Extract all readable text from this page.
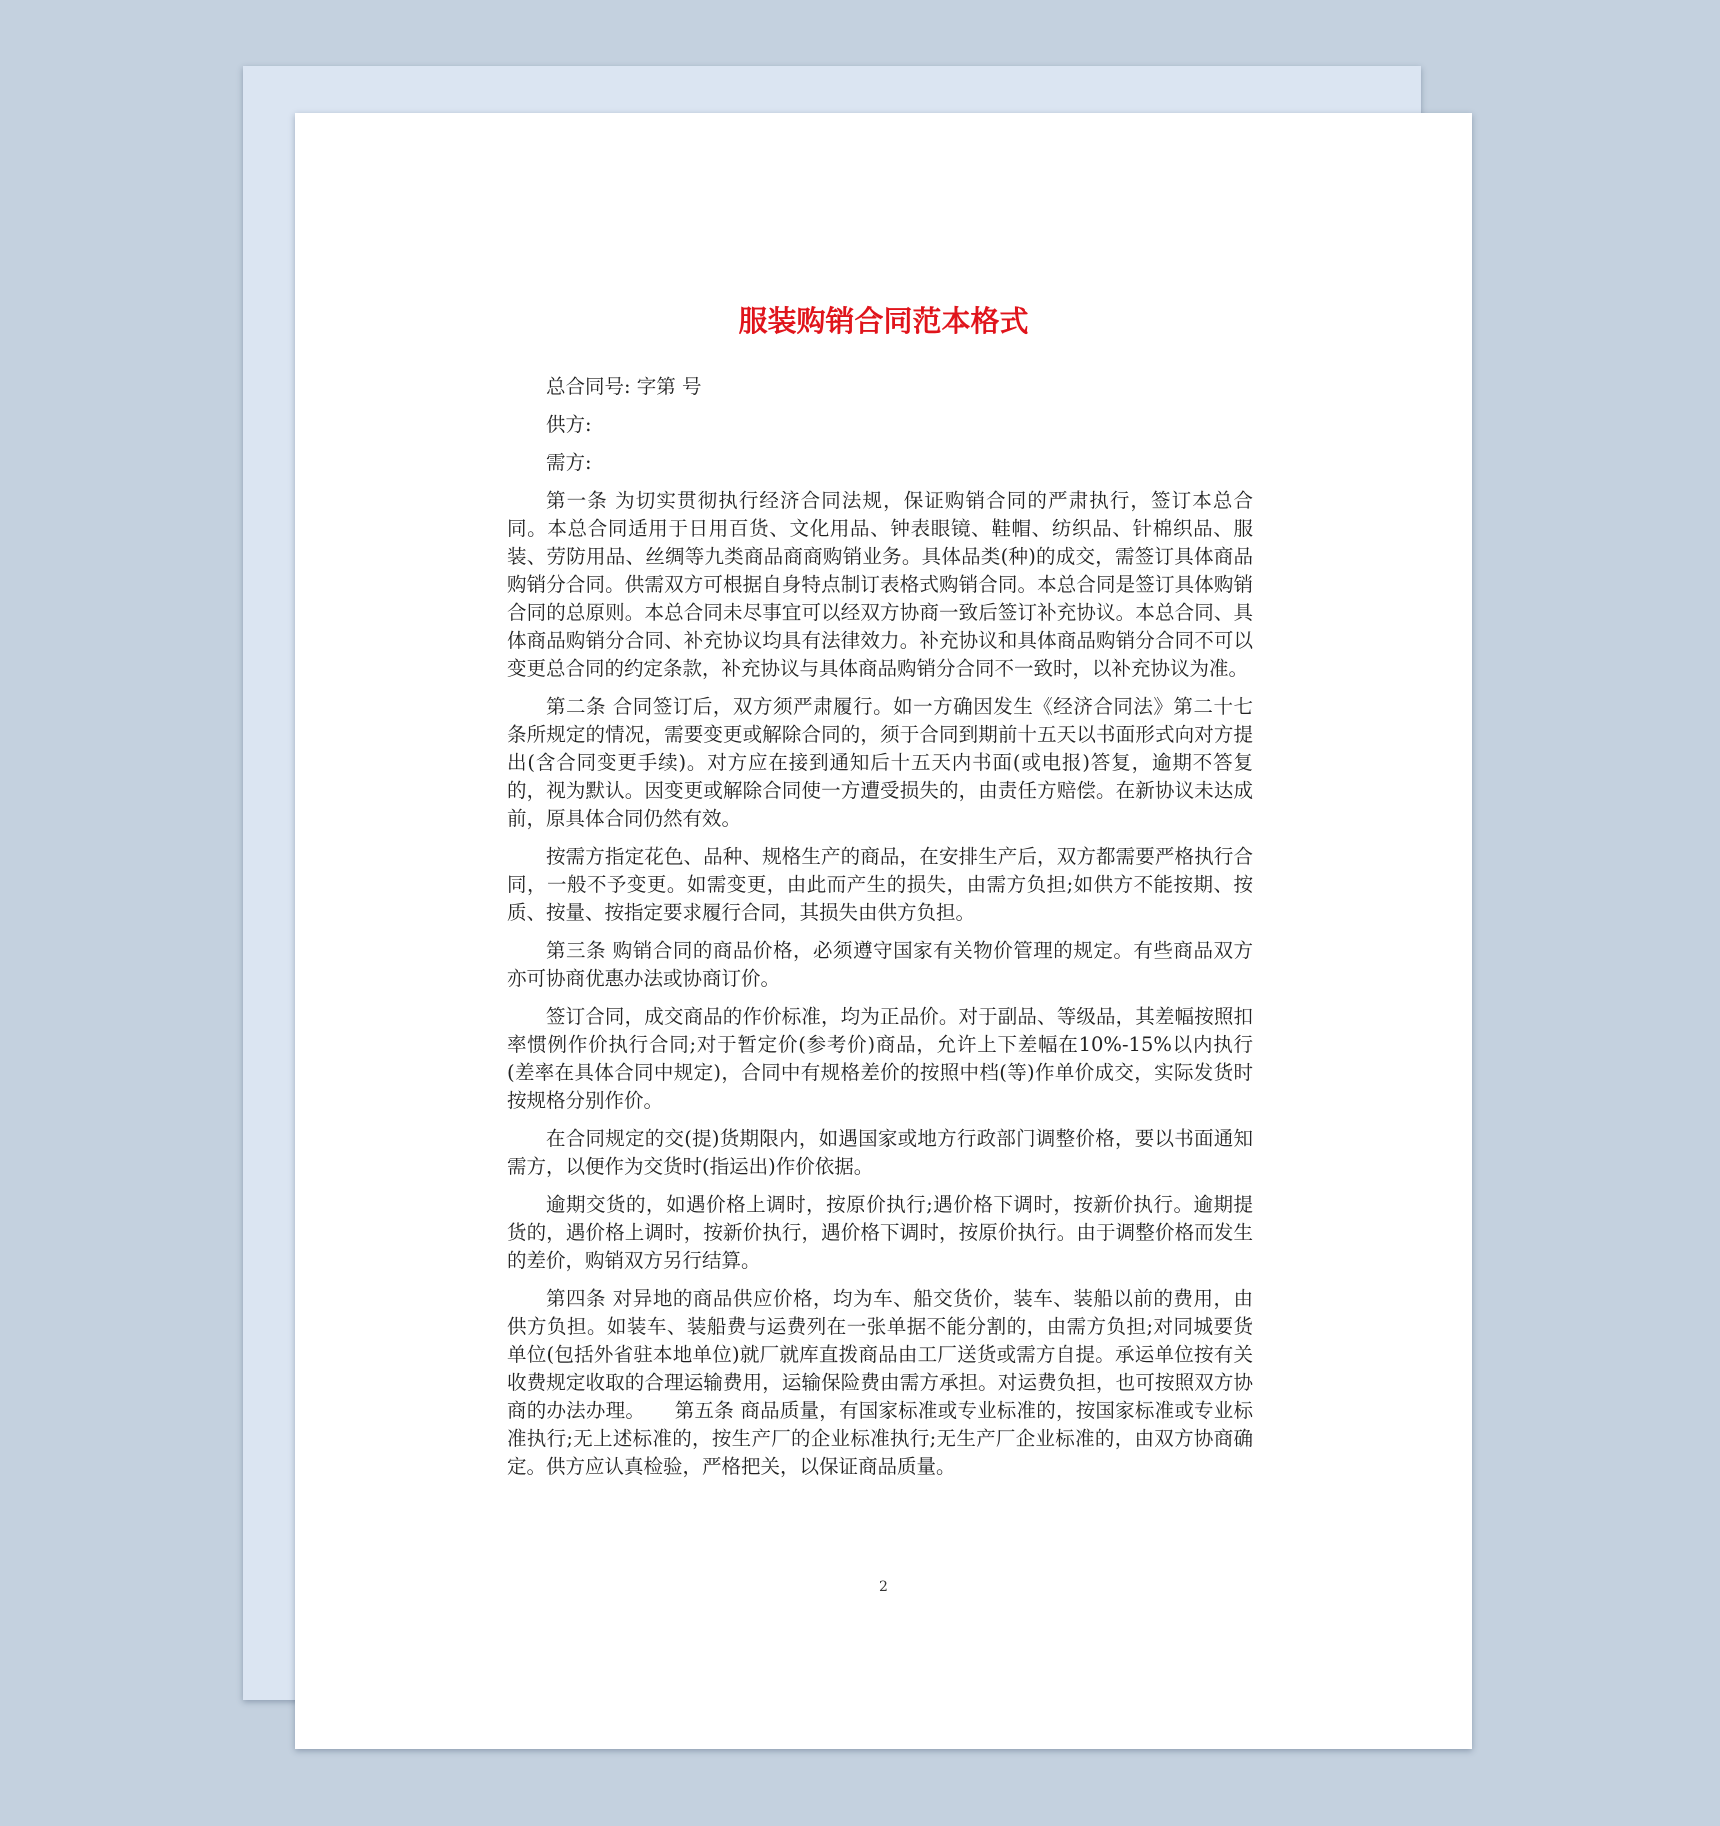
服装购销合同范本格式

总合同号: 字第 号

供方:

需方:

第一条 为切实贯彻执行经济合同法规，保证购销合同的严肃执行，签订本总合同。本总合同适用于日用百货、文化用品、钟表眼镜、鞋帽、纺织品、针棉织品、服装、劳防用品、丝绸等九类商品商商购销业务。具体品类(种)的成交，需签订具体商品购销分合同。供需双方可根据自身特点制订表格式购销合同。本总合同是签订具体购销合同的总原则。本总合同未尽事宜可以经双方协商一致后签订补充协议。本总合同、具体商品购销分合同、补充协议均具有法律效力。补充协议和具体商品购销分合同不可以变更总合同的约定条款，补充协议与具体商品购销分合同不一致时，以补充协议为准。

第二条 合同签订后，双方须严肃履行。如一方确因发生《经济合同法》第二十七条所规定的情况，需要变更或解除合同的，须于合同到期前十五天以书面形式向对方提出(含合同变更手续)。对方应在接到通知后十五天内书面(或电报)答复，逾期不答复的，视为默认。因变更或解除合同使一方遭受损失的，由责任方赔偿。在新协议未达成前，原具体合同仍然有效。

按需方指定花色、品种、规格生产的商品，在安排生产后，双方都需要严格执行合同，一般不予变更。如需变更，由此而产生的损失，由需方负担;如供方不能按期、按质、按量、按指定要求履行合同，其损失由供方负担。

第三条 购销合同的商品价格，必须遵守国家有关物价管理的规定。有些商品双方亦可协商优惠办法或协商订价。

签订合同，成交商品的作价标准，均为正品价。对于副品、等级品，其差幅按照扣率惯例作价执行合同;对于暂定价(参考价)商品，允许上下差幅在10%-15%以内执行(差率在具体合同中规定)，合同中有规格差价的按照中档(等)作单价成交，实际发货时按规格分别作价。

在合同规定的交(提)货期限内，如遇国家或地方行政部门调整价格，要以书面通知需方，以便作为交货时(指运出)作价依据。

逾期交货的，如遇价格上调时，按原价执行;遇价格下调时，按新价执行。逾期提货的，遇价格上调时，按新价执行，遇价格下调时，按原价执行。由于调整价格而发生的差价，购销双方另行结算。

第四条 对异地的商品供应价格，均为车、船交货价，装车、装船以前的费用，由供方负担。如装车、装船费与运费列在一张单据不能分割的，由需方负担;对同城要货单位(包括外省驻本地单位)就厂就库直拨商品由工厂送货或需方自提。承运单位按有关收费规定收取的合理运输费用，运输保险费由需方承担。对运费负担，也可按照双方协商的办法办理。　　第五条 商品质量，有国家标准或专业标准的，按国家标准或专业标准执行;无上述标准的，按生产厂的企业标准执行;无生产厂企业标准的，由双方协商确定。供方应认真检验，严格把关，以保证商品质量。

2
